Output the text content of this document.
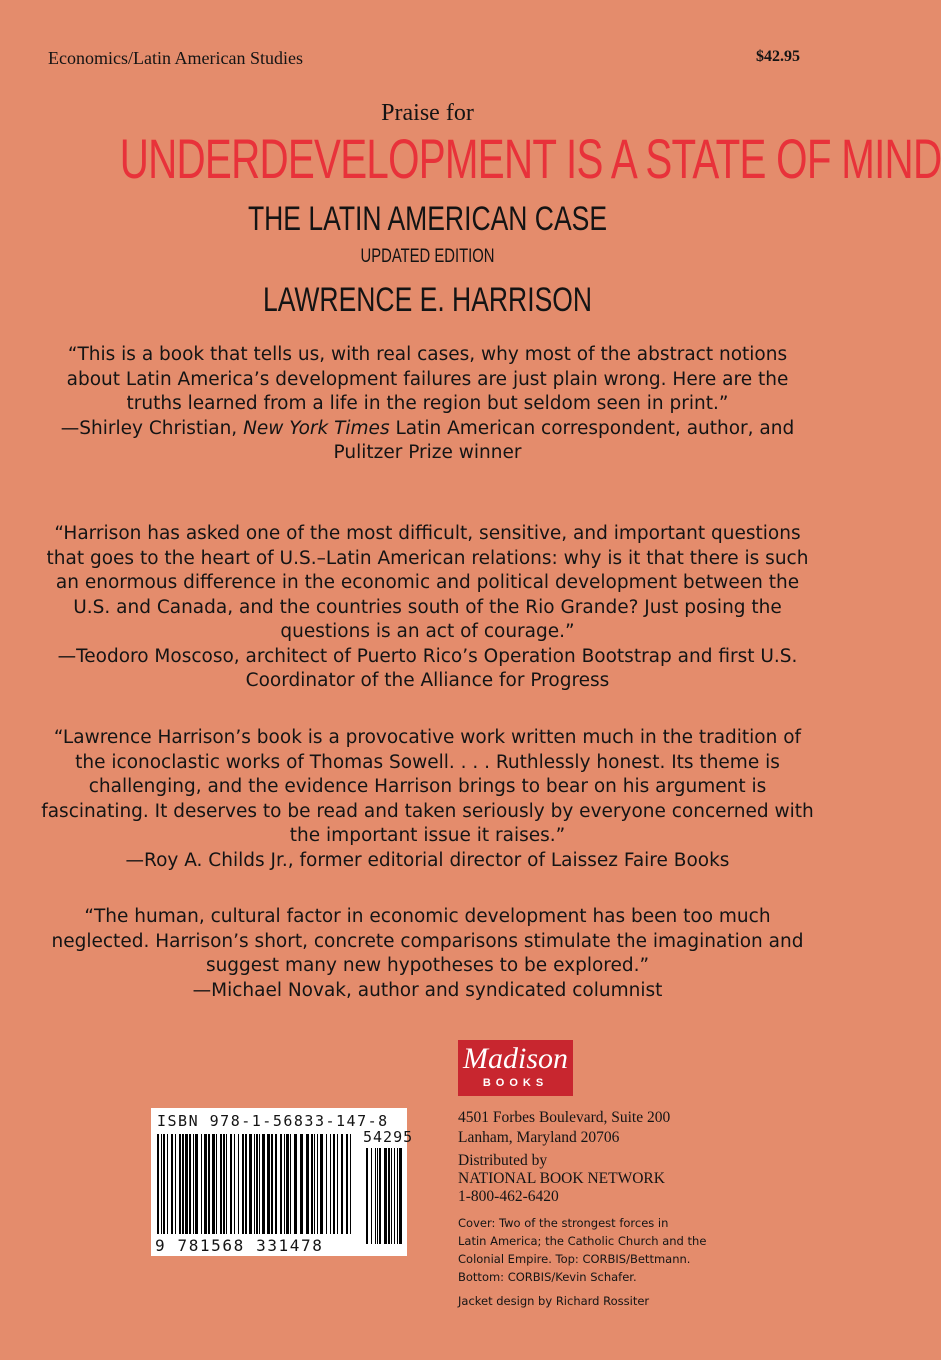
Economics/Latin American Studies	$42.95
Praise for
UNDERDEVELOPMENT IS A STATE OF MIND
THE LATIN AMERICAN CASE
UPDATED EDITION
LAWRENCE E. HARRISON

“This is a book that tells us, with real cases, why most of the abstract notions about Latin America’s development failures are just plain wrong. Here are the truths learned from a life in the region but seldom seen in print.”

—Shirley Christian, New York Times Latin American correspondent, author, and Pulitzer Prize winner

“Harrison has asked one of the most difficult, sensitive, and important questions that goes to the heart of U.S.–Latin American relations: why is it that there is such an enormous difference in the economic and political development between the U.S. and Canada, and the countries south of the Rio Grande? Just posing the questions is an act of courage.”

—Teodoro Moscoso, architect of Puerto Rico’s Operation Bootstrap and first U.S. Coordinator of the Alliance for Progress

“Lawrence Harrison’s book is a provocative work written much in the tradition of the iconoclastic works of Thomas Sowell. . . . Ruthlessly honest. Its theme is challenging, and the evidence Harrison brings to bear on his argument is fascinating. It deserves to be read and taken seriously by everyone concerned with the important issue it raises.”

—Roy A. Childs Jr., former editorial director of Laissez Faire Books

“The human, cultural factor in economic development has been too much neglected. Harrison’s short, concrete comparisons stimulate the imagination and suggest many new hypotheses to be explored.”

—Michael Novak, author and syndicated columnist

Madison
BOOKS
4501 Forbes Boulevard, Suite 200
Lanham, Maryland 20706
Distributed by
NATIONAL BOOK NETWORK
1-800-462-6420
Cover: Two of the strongest forces in
Latin America; the Catholic Church and the
Colonial Empire. Top: CORBIS/Bettmann.
Bottom: CORBIS/Kevin Schafer.
Jacket design by Richard Rossiter
ISBN 978-1-56833-147-8
54295
9 781568 331478
